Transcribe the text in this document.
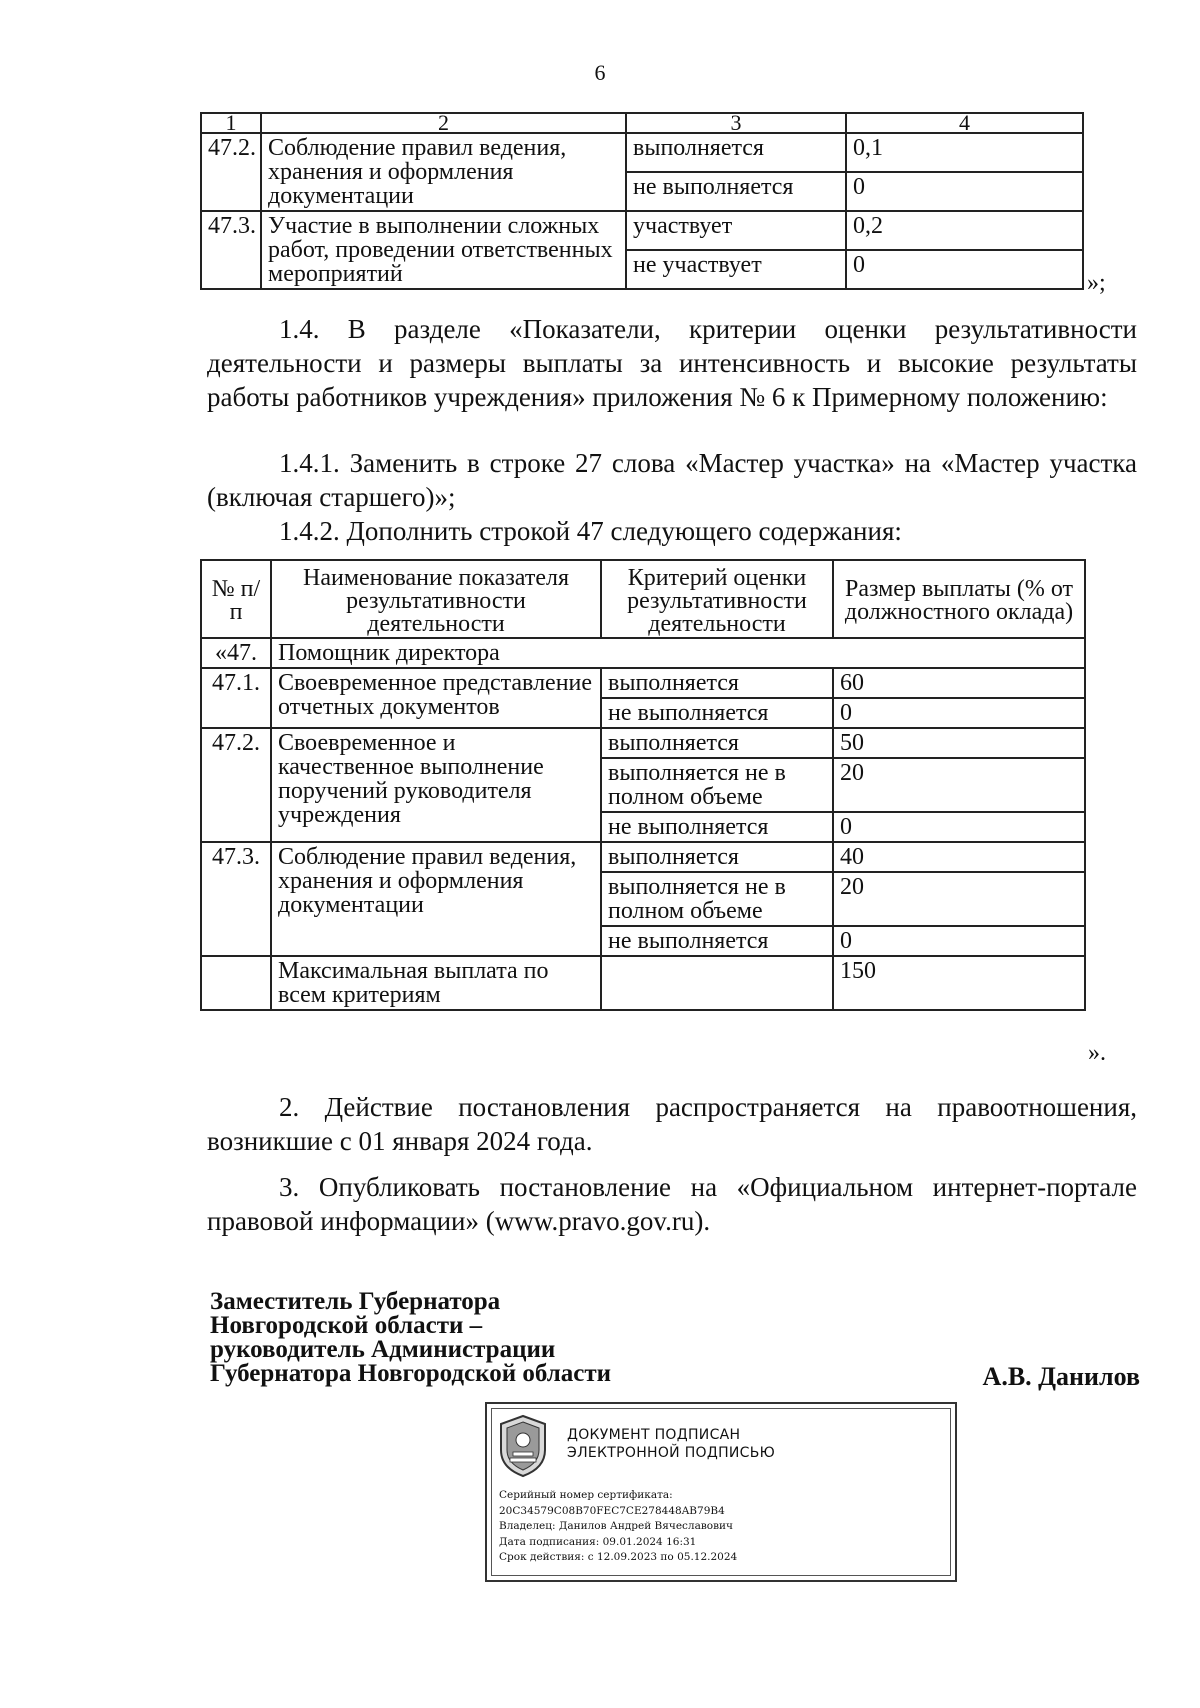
6
1	2	3	4
47.2.	Соблюдение правил ведения, хранения и оформления документации	выполняется	0,1
		не выполняется	0
47.3.	Участие в выполнении сложных работ, проведении ответственных мероприятий	участвует	0,2
		не участвует	0
»;
1.4. В разделе «Показатели, критерии оценки результативности деятельности и размеры выплаты за интенсивность и высокие результаты работы работников учреждения» приложения № 6 к Примерному положению:
1.4.1. Заменить в строке 27 слова «Мастер участка» на «Мастер участка (включая старшего)»;
1.4.2. Дополнить строкой 47 следующего содержания:
№ п/п	Наименование показателя результативности деятельности	Критерий оценки результативности деятельности	Размер выплаты (% от должностного оклада)
«47.	Помощник директора		
47.1.	Своевременное представление отчетных документов	выполняется	60
		не выполняется	0
47.2.	Своевременное и качественное выполнение поручений руководителя учреждения	выполняется	50
		выполняется не в полном объеме	20
		не выполняется	0
47.3.	Соблюдение правил ведения, хранения и оформления документации	выполняется	40
		выполняется не в полном объеме	20
		не выполняется	0
	Максимальная выплата по всем критериям		150
».
2. Действие постановления распространяется на правоотношения, возникшие с 01 января 2024 года.
3. Опубликовать постановление на «Официальном интернет-портале правовой информации» (www.pravo.gov.ru).
Заместитель Губернатора
Новгородской области –
руководитель Администрации
Губернатора Новгородской области	А.В. Данилов
ДОКУМЕНТ ПОДПИСАН
ЭЛЕКТРОННОЙ ПОДПИСЬЮ
Серийный номер сертификата:
20C34579C08B70FEC7CE278448AB79B4
Владелец: Данилов Андрей Вячеславович
Дата подписания: 09.01.2024 16:31
Срок действия: с 12.09.2023 по 05.12.2024
